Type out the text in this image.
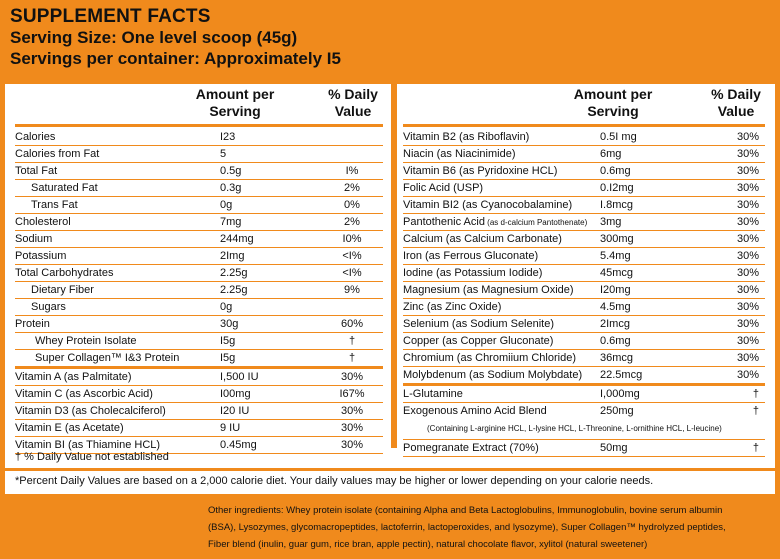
SUPPLEMENT FACTS
Serving Size: One level scoop (45g)
Servings per container: Approximately I5
Amount per
Serving
% Daily
Value
Calories	I23
Calories from Fat	5
Total Fat	0.5g	I%
Saturated Fat	0.3g	2%
Trans Fat	0g	0%
Cholesterol	7mg	2%
Sodium	244mg	I0%
Potassium	2Img	<I%
Total Carbohydrates	2.25g	<I%
Dietary Fiber	2.25g	9%
Sugars	0g
Protein	30g	60%
Whey Protein Isolate	I5g	†
Super Collagen™ I&3 Protein	I5g	†
Vitamin A (as Palmitate)	I,500 IU	30%
Vitamin C (as Ascorbic Acid)	I00mg	I67%
Vitamin D3 (as Cholecalciferol)	I20 IU	30%
Vitamin E (as Acetate)	9 IU	30%
Vitamin BI (as Thiamine HCL)	0.45mg	30%
Amount per
Serving
% Daily
Value
Vitamin B2 (as Riboflavin)	0.5I mg	30%
Niacin (as Niacinimide)	6mg	30%
Vitamin B6 (as Pyridoxine HCL)	0.6mg	30%
Folic Acid (USP)	0.I2mg	30%
Vitamin BI2 (as Cyanocobalamine)	I.8mcg	30%
Pantothenic Acid (as d-calcium Pantothenate) 3mg	30%
Calcium (as Calcium Carbonate)	300mg	30%
Iron (as Ferrous Gluconate)	5.4mg	30%
Iodine (as Potassium Iodide)	45mcg	30%
Magnesium (as Magnesium Oxide) I20mg	30%
Zinc (as Zinc Oxide)	4.5mg	30%
Selenium (as Sodium Selenite)	2Imcg	30%
Copper (as Copper Gluconate)	0.6mg	30%
Chromium (as Chromiium Chloride) 36mcg	30%
Molybdenum (as Sodium Molybdate) 22.5mcg	30%
L-Glutamine	I,000mg	†
Exogenous Amino Acid Blend	250mg	†
(Containing L-arginine HCL, L-lysine HCL, L-Threonine, L-ornithine HCL, L-leucine)
Pomegranate Extract (70%)	50mg	†
† % Daily Value not established
*Percent Daily Values are based on a 2,000 calorie diet. Your daily values may be higher or lower depending on your calorie needs.
Other ingredients: Whey protein isolate (containing Alpha and Beta Lactoglobulins, Immunoglobulin, bovine serum albumin (BSA), Lysozymes, glycomacropeptides, lactoferrin, lactoperoxides, and lysozyme), Super Collagen™ hydrolyzed peptides, Fiber blend (inulin, guar gum, rice bran, apple pectin), natural chocolate flavor, xylitol (natural sweetener)
